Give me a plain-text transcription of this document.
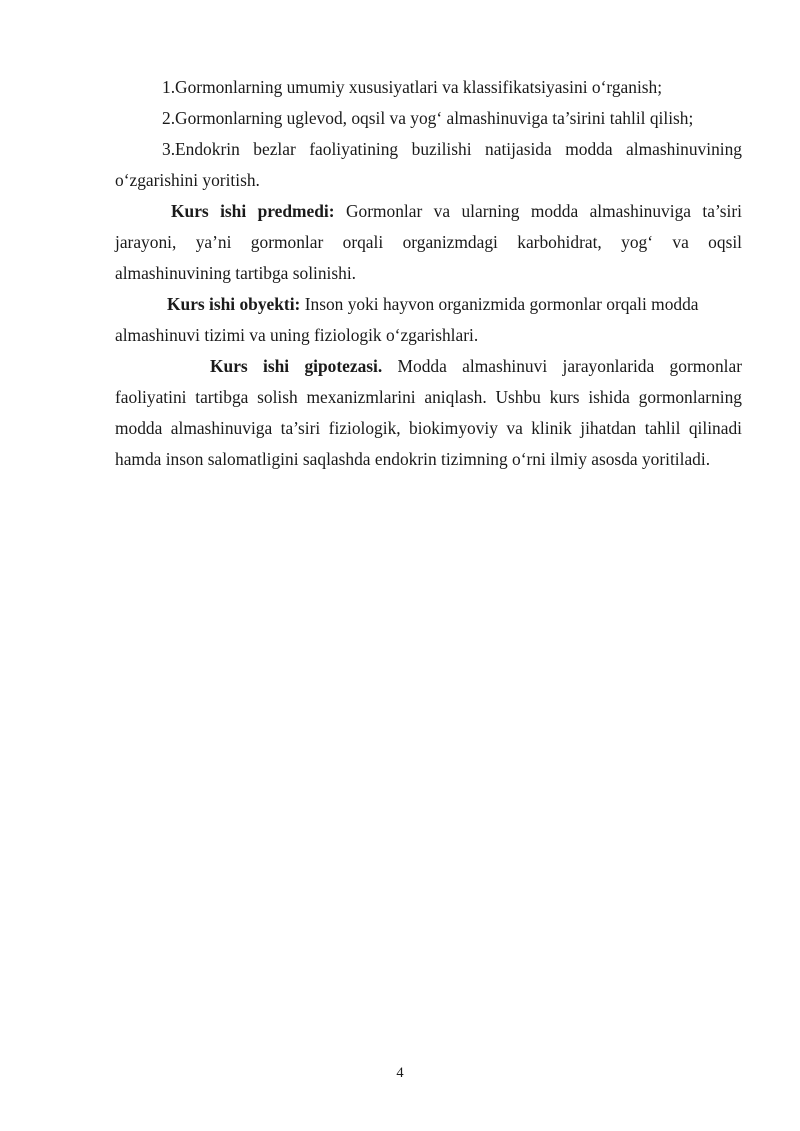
1.Gormonlarning umumiy xususiyatlari va klassifikatsiyasini o‘rganish;

2.Gormonlarning uglevod, oqsil va yog‘ almashinuviga ta’sirini tahlil qilish;

3.Endokrin bezlar faoliyatining buzilishi natijasida modda almashinuvining o‘zgarishini yoritish.

Kurs ishi predmedi: Gormonlar va ularning modda almashinuviga ta’siri jarayoni, ya’ni gormonlar orqali organizmdagi karbohidrat, yog‘ va oqsil almashinuvining tartibga solinishi.

Kurs ishi obyekti: Inson yoki hayvon organizmida gormonlar orqali modda almashinuvi tizimi va uning fiziologik o‘zgarishlari.

Kurs ishi gipotezasi. Modda almashinuvi jarayonlarida gormonlar faoliyatini tartibga solish mexanizmlarini aniqlash. Ushbu kurs ishida gormonlarning modda almashinuviga ta’siri fiziologik, biokimyoviy va klinik jihatdan tahlil qilinadi hamda inson salomatligini saqlashda endokrin tizimning o‘rni ilmiy asosda yoritiladi.

4
